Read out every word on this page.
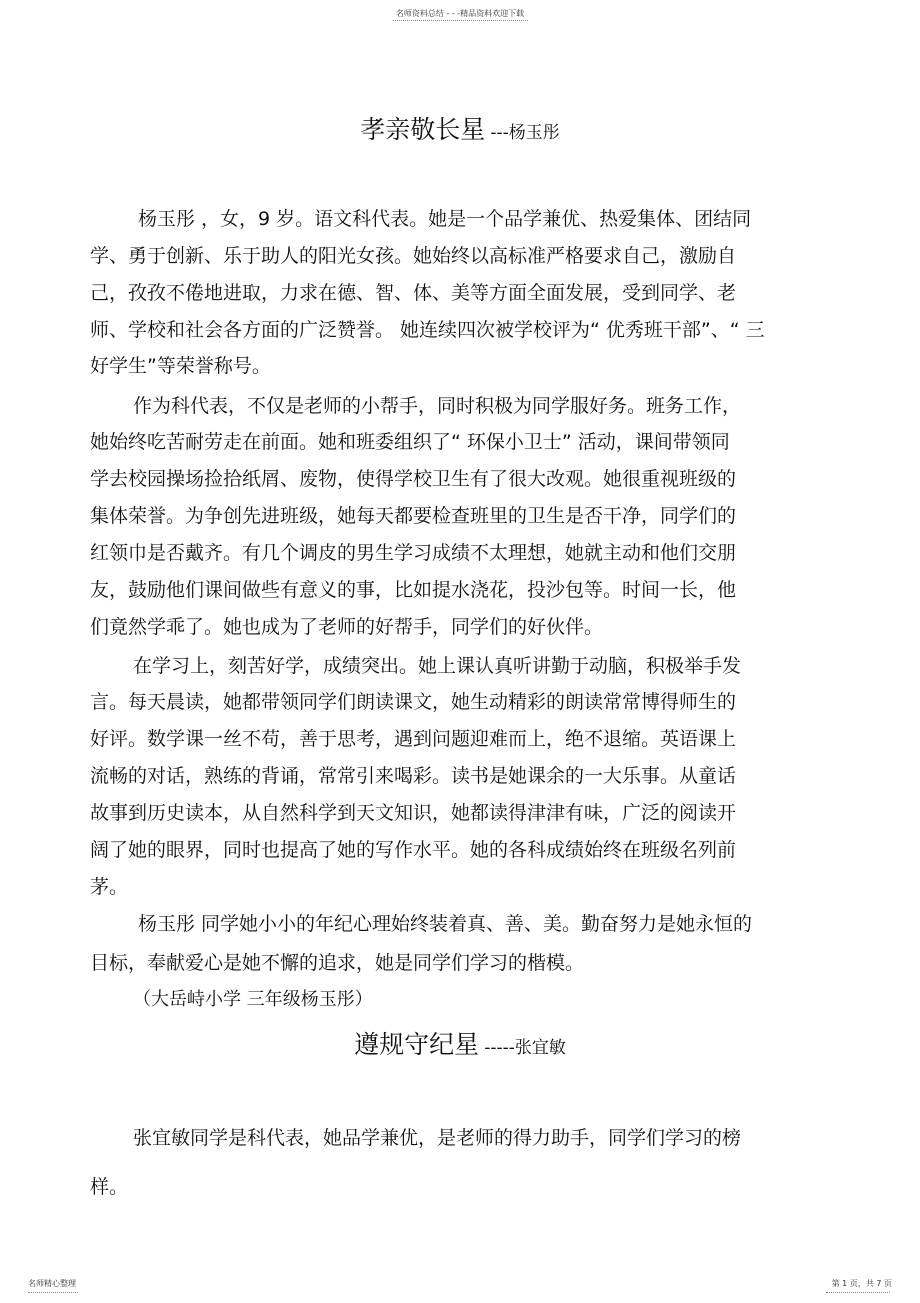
名师资料总结 - - -精品资料欢迎下载
孝亲敬长星 ---杨玉彤
杨玉彤 ，女，9 岁。语文科代表。她是一个品学兼优、热爱集体、团结同
学、勇于创新、乐于助人的阳光女孩。她始终以高标准严格要求自己，激励自
己，孜孜不倦地进取，力求在德、智、体、美等方面全面发展，受到同学、老
师、学校和社会各方面的广泛赞誉。 她连续四次被学校评为“ 优秀班干部”、“ 三
好学生”等荣誉称号。
作为科代表，不仅是老师的小帮手，同时积极为同学服好务。班务工作，
她始终吃苦耐劳走在前面。她和班委组织了“ 环保小卫士” 活动，课间带领同
学去校园操场捡拾纸屑、废物，使得学校卫生有了很大改观。她很重视班级的
集体荣誉。为争创先进班级，她每天都要检查班里的卫生是否干净，同学们的
红领巾是否戴齐。有几个调皮的男生学习成绩不太理想，她就主动和他们交朋
友，鼓励他们课间做些有意义的事，比如提水浇花，投沙包等。时间一长，他
们竟然学乖了。她也成为了老师的好帮手，同学们的好伙伴。
在学习上，刻苦好学，成绩突出。她上课认真听讲勤于动脑，积极举手发
言。每天晨读，她都带领同学们朗读课文，她生动精彩的朗读常常博得师生的
好评。数学课一丝不苟，善于思考，遇到问题迎难而上，绝不退缩。英语课上
流畅的对话，熟练的背诵，常常引来喝彩。读书是她课余的一大乐事。从童话
故事到历史读本，从自然科学到天文知识，她都读得津津有味，广泛的阅读开
阔了她的眼界，同时也提高了她的写作水平。她的各科成绩始终在班级名列前
茅。
杨玉彤 同学她小小的年纪心理始终装着真、善、美。勤奋努力是她永恒的
目标，奉献爱心是她不懈的追求，她是同学们学习的楷模。
（大岳峙小学 三年级杨玉彤）
遵规守纪星 -----张宜敏
张宜敏同学是科代表，她品学兼优，是老师的得力助手，同学们学习的榜
样。
名师精心整理	第 1 页，共 7 页
